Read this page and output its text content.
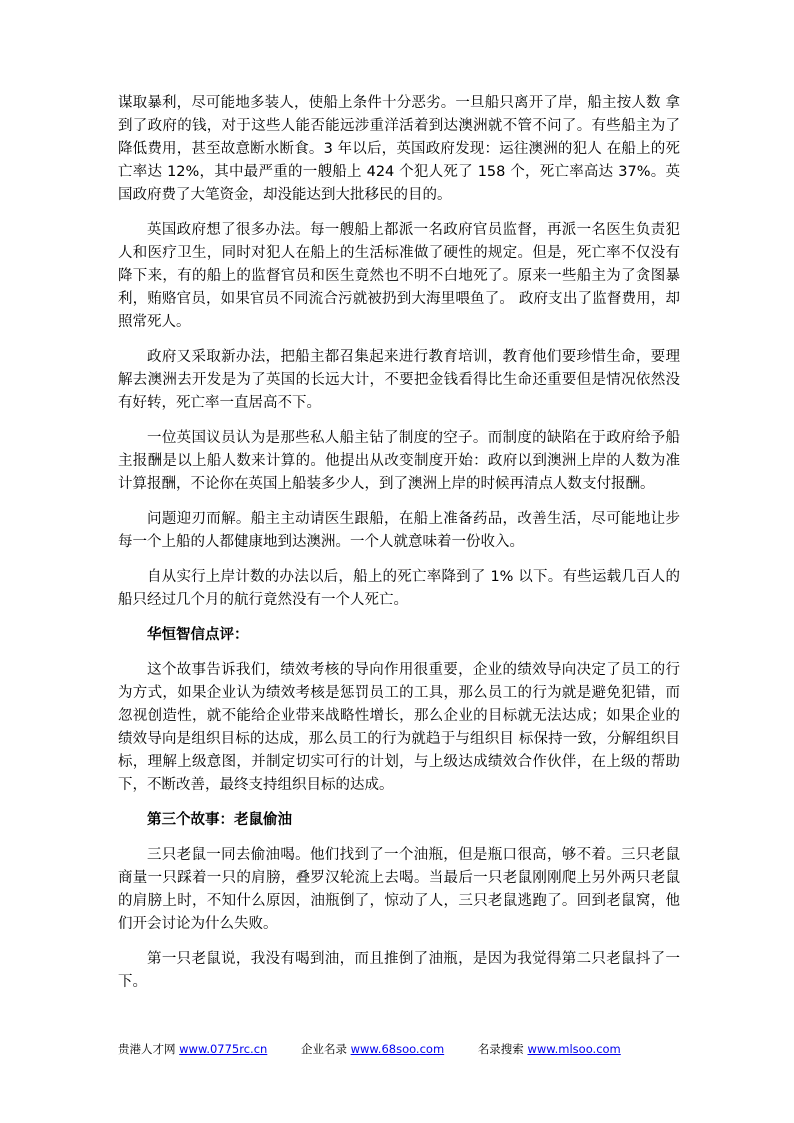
谋取暴利，尽可能地多装人，使船上条件十分恶劣。一旦船只离开了岸，船主按人数 拿到了政府的钱，对于这些人能否能远涉重洋活着到达澳洲就不管不问了。有些船主为了降低费用，甚至故意断水断食。3 年以后，英国政府发现：运往澳洲的犯人 在船上的死亡率达 12%，其中最严重的一艘船上 424 个犯人死了 158 个，死亡率高达 37%。英国政府费了大笔资金，却没能达到大批移民的目的。

英国政府想了很多办法。每一艘船上都派一名政府官员监督，再派一名医生负责犯人和医疗卫生，同时对犯人在船上的生活标准做了硬性的规定。但是，死亡率不仅没有降下来，有的船上的监督官员和医生竟然也不明不白地死了。原来一些船主为了贪图暴利，贿赂官员，如果官员不同流合污就被扔到大海里喂鱼了。 政府支出了监督费用，却照常死人。

政府又采取新办法，把船主都召集起来进行教育培训，教育他们要珍惜生命，要理解去澳洲去开发是为了英国的长远大计，不要把金钱看得比生命还重要但是情况依然没有好转，死亡率一直居高不下。

一位英国议员认为是那些私人船主钻了制度的空子。而制度的缺陷在于政府给予船主报酬是以上船人数来计算的。他提出从改变制度开始：政府以到澳洲上岸的人数为准计算报酬，不论你在英国上船装多少人，到了澳洲上岸的时候再清点人数支付报酬。

问题迎刃而解。船主主动请医生跟船，在船上准备药品，改善生活，尽可能地让步每一个上船的人都健康地到达澳洲。一个人就意味着一份收入。

自从实行上岸计数的办法以后，船上的死亡率降到了 1% 以下。有些运载几百人的船只经过几个月的航行竟然没有一个人死亡。

华恒智信点评：

这个故事告诉我们，绩效考核的导向作用很重要，企业的绩效导向决定了员工的行为方式，如果企业认为绩效考核是惩罚员工的工具，那么员工的行为就是避免犯错，而忽视创造性，就不能给企业带来战略性增长，那么企业的目标就无法达成；如果企业的绩效导向是组织目标的达成，那么员工的行为就趋于与组织目 标保持一致，分解组织目标，理解上级意图，并制定切实可行的计划，与上级达成绩效合作伙伴，在上级的帮助下，不断改善，最终支持组织目标的达成。

第三个故事：老鼠偷油

三只老鼠一同去偷油喝。他们找到了一个油瓶，但是瓶口很高，够不着。三只老鼠商量一只踩着一只的肩膀，叠罗汉轮流上去喝。当最后一只老鼠刚刚爬上另外两只老鼠的肩膀上时，不知什么原因，油瓶倒了，惊动了人，三只老鼠逃跑了。回到老鼠窝，他们开会讨论为什么失败。

第一只老鼠说，我没有喝到油，而且推倒了油瓶，是因为我觉得第二只老鼠抖了一下。

贵港人才网 www.0775rc.cn	企业名录 www.68soo.com	名录搜索 www.mlsoo.com
